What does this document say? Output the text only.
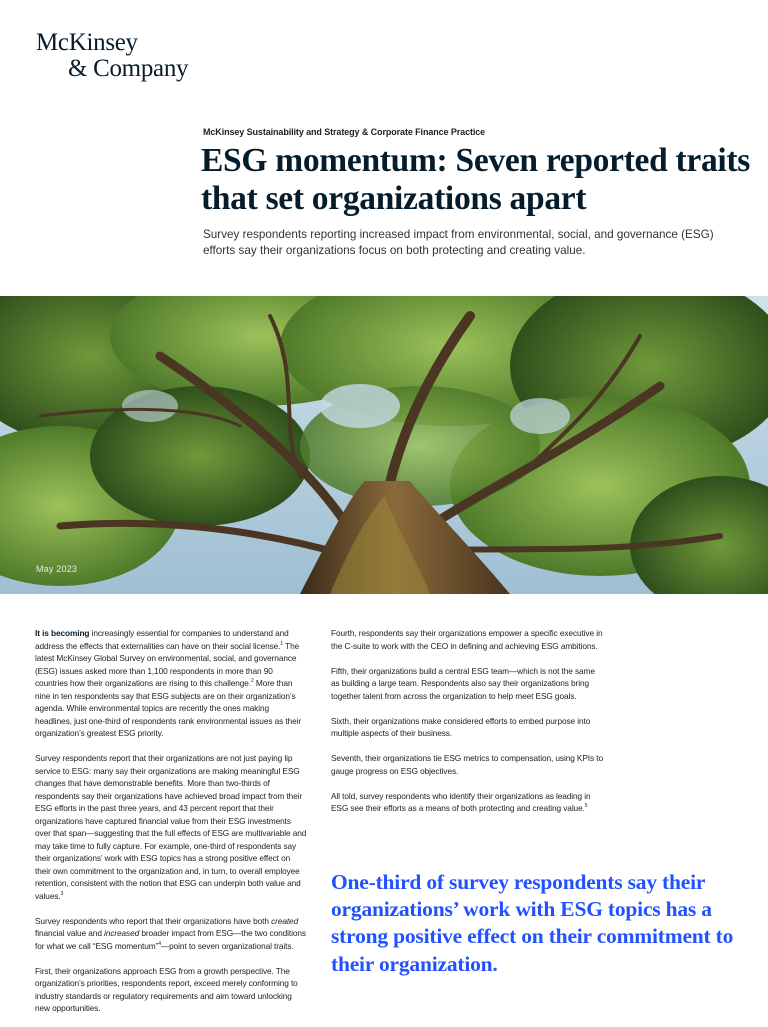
McKinsey
& Company
McKinsey Sustainability and Strategy & Corporate Finance Practice
ESG momentum: Seven reported traits that set organizations apart
Survey respondents reporting increased impact from environmental, social, and governance (ESG) efforts say their organizations focus on both protecting and creating value.
May 2023

It is becoming increasingly essential for companies to understand and address the effects that externalities can have on their social license.$^1$ The latest McKinsey Global Survey on environmental, social, and governance (ESG) issues asked more than 1,100 respondents in more than 90 countries how their organizations are rising to this challenge.$^2$ More than nine in ten respondents say that ESG subjects are on their organization’s agenda. While environmental topics are recently the ones making headlines, just one-third of respondents rank environmental issues as their organization’s greatest ESG priority.

Survey respondents report that their organizations are not just paying lip service to ESG: many say their organizations are making meaningful ESG changes that have demonstrable benefits. More than two-thirds of respondents say their organizations have achieved broad impact from their ESG efforts in the past three years, and 43 percent report that their organizations have captured financial value from their ESG investments over that span—suggesting that the full effects of ESG are multivariable and may take time to fully capture. For example, one-third of respondents say their organizations’ work with ESG topics has a strong positive effect on their own commitment to the organization and, in turn, to overall employee retention, consistent with the notion that ESG can underpin both value and values.$^3$

Survey respondents who report that their organizations have both created financial value and increased broader impact from ESG—the two conditions for what we call “ESG momentum”$^4$—point to seven organizational traits.

First, their organizations approach ESG from a growth perspective. The organization’s priorities, respondents report, exceed merely conforming to industry standards or regulatory requirements and aim toward unlocking new opportunities.

Fourth, respondents say their organizations empower a specific executive in the C-suite to work with the CEO in defining and achieving ESG ambitions.

Fifth, their organizations build a central ESG team—which is not the same as building a large team. Respondents also say their organizations bring together talent from across the organization to help meet ESG goals.

Sixth, their organizations make considered efforts to embed purpose into multiple aspects of their business.

Seventh, their organizations tie ESG metrics to compensation, using KPIs to gauge progress on ESG objectives.

All told, survey respondents who identify their organizations as leading in ESG see their efforts as a means of both protecting and creating value.$^5$

One-third of survey respondents say their organizations’ work with ESG topics has a strong positive effect on their commitment to their organization.
